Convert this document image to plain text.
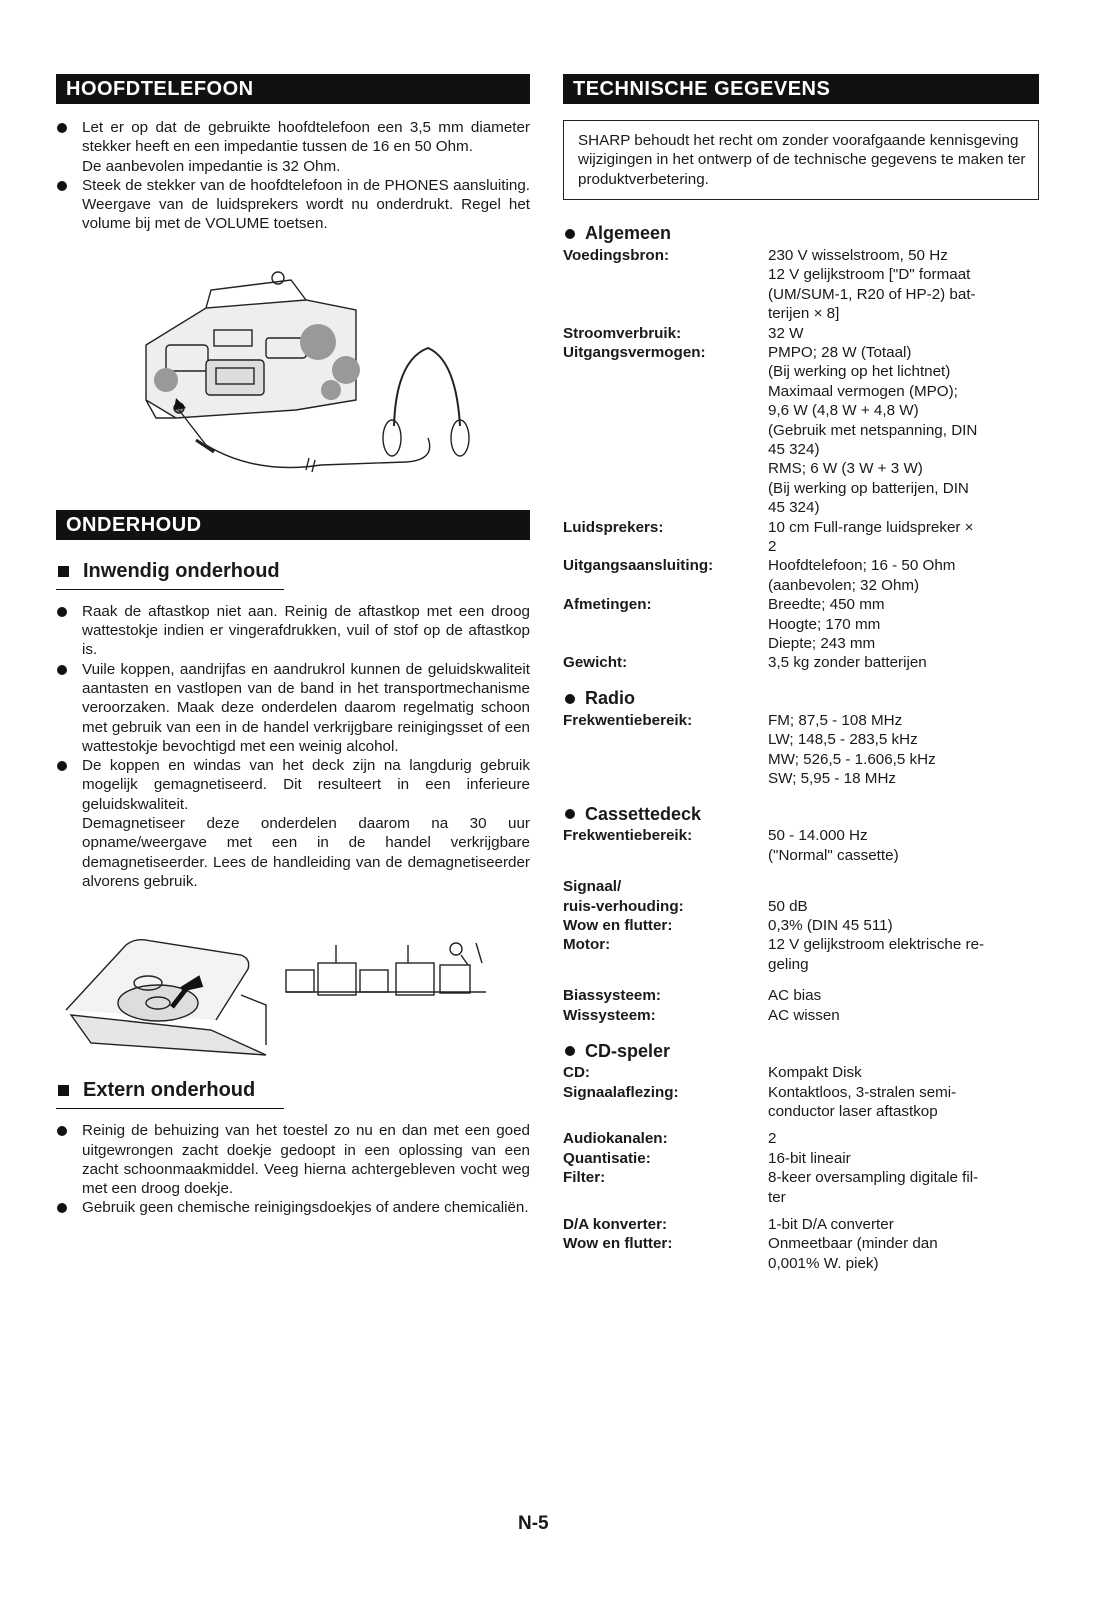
HOOFDTELEFOON
Let er op dat de gebruikte hoofdtelefoon een 3,5 mm diameter stekker heeft en een impedantie tussen de 16 en 50 Ohm.
De aanbevolen impedantie is 32 Ohm.
Steek de stekker van de hoofdtelefoon in de PHONES aansluiting. Weergave van de luidsprekers wordt nu onderdrukt. Regel het volume bij met de VOLUME toetsen.
ONDERHOUD
Inwendig onderhoud
Raak de aftastkop niet aan. Reinig de aftastkop met een droog wattestokje indien er vingerafdrukken, vuil of stof op de aftastkop is.
Vuile koppen, aandrijfas en aandrukrol kunnen de geluidskwaliteit aantasten en vastlopen van de band in het transportmechanisme veroorzaken. Maak deze onderdelen daarom regelmatig schoon met gebruik van een in de handel verkrijgbare reinigingsset of een wattestokje bevochtigd met een weinig alcohol.
De koppen en windas van het deck zijn na langdurig gebruik mogelijk gemagnetiseerd. Dit resulteert in een inferieure geluidskwaliteit.
Demagnetiseer deze onderdelen daarom na 30 uur opname/weergave met een in de handel verkrijgbare demagnetiseerder. Lees de handleiding van de demagnetiseerder alvorens gebruik.
Extern onderhoud
Reinig de behuizing van het toestel zo nu en dan met een goed uitgewrongen zacht doekje gedoopt in een oplossing van een zacht schoonmaakmiddel. Veeg hierna achtergebleven vocht weg met een droog doekje.
Gebruik geen chemische reinigingsdoekjes of andere chemicaliën.
TECHNISCHE GEGEVENS
SHARP behoudt het recht om zonder voorafgaande kennisgeving wijzigingen in het ontwerp of de technische gegevens te maken ter produktverbetering.
Algemeen
Voedingsbron:	230 V wisselstroom, 50 Hz
12 V gelijkstroom ["D" formaat
(UM/SUM-1, R20 of HP-2) bat-
terijen × 8]
Stroomverbruik:	32 W
Uitgangsvermogen:	PMPO; 28 W (Totaal)
(Bij werking op het lichtnet)
Maximaal vermogen (MPO);
9,6 W (4,8 W + 4,8 W)
(Gebruik met netspanning, DIN
45 324)
RMS; 6 W (3 W + 3 W)
(Bij werking op batterijen, DIN
45 324)
Luidsprekers:	10 cm Full-range luidspreker ×
2
Uitgangsaansluiting:	Hoofdtelefoon; 16 - 50 Ohm
(aanbevolen; 32 Ohm)
Afmetingen:	Breedte; 450 mm
Hoogte; 170 mm
Diepte; 243 mm
Gewicht:	3,5 kg zonder batterijen
Radio
Frekwentiebereik:	FM; 87,5 - 108 MHz
LW; 148,5 - 283,5 kHz
MW; 526,5 - 1.606,5 kHz
SW; 5,95 - 18 MHz
Cassettedeck
Frekwentiebereik:	50 - 14.000 Hz
("Normal" cassette)
Signaal/
ruis-verhouding:
	50 dB
Wow en flutter:	0,3% (DIN 45 511)
Motor:	12 V gelijkstroom elektrische re-
geling
Biassysteem:	AC bias
Wissysteem:	AC wissen
CD-speler
CD:	Kompakt Disk
Signaalaflezing:	Kontaktloos, 3-stralen semi-
conductor laser aftastkop
Audiokanalen:	2
Quantisatie:	16-bit lineair
Filter:	8-keer oversampling digitale fil-
ter
D/A konverter:	1-bit D/A converter
Wow en flutter:	Onmeetbaar (minder dan
0,001% W. piek)
N-5
